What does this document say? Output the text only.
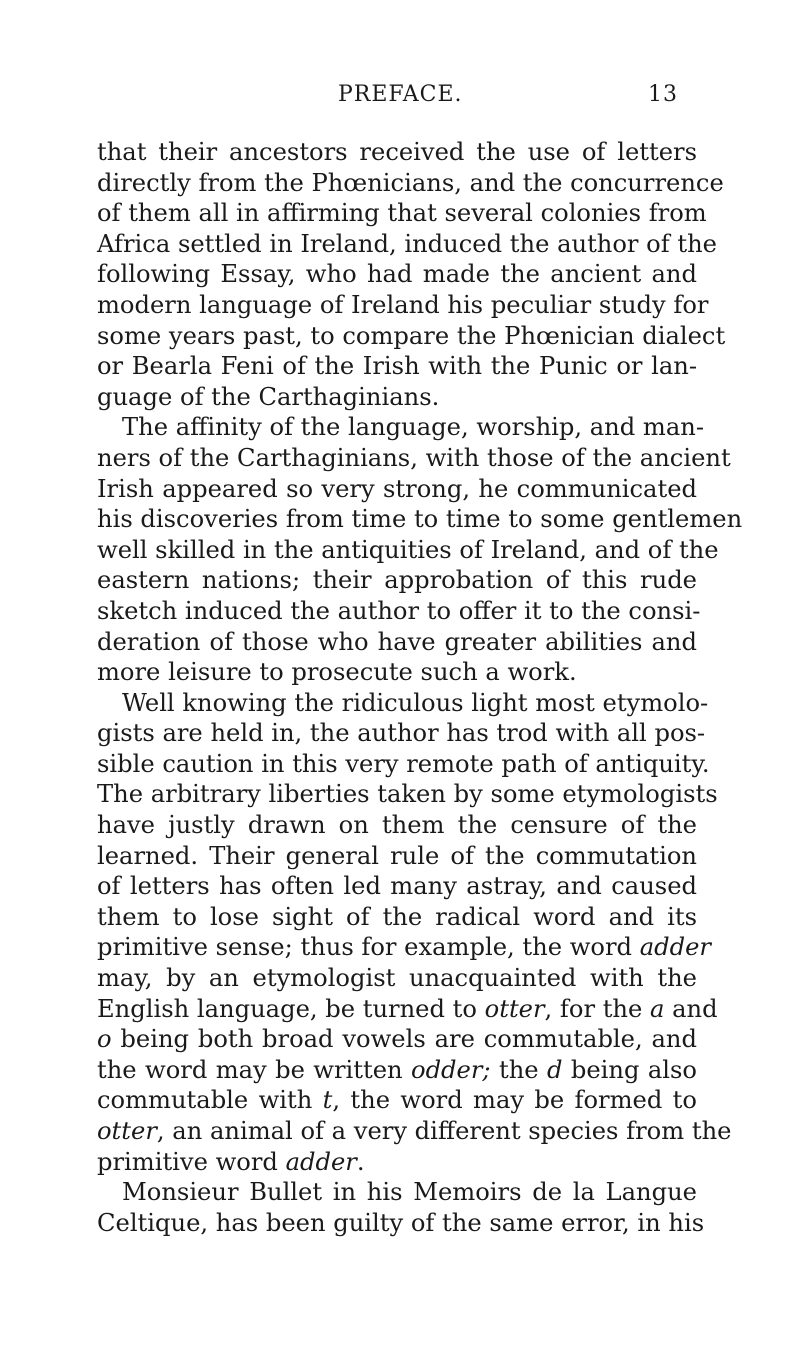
PREFACE.	13
that their ancestors received the use of letters
directly from the Phœnicians, and the concurrence
of them all in affirming that several colonies from
Africa settled in Ireland, induced the author of the
following Essay, who had made the ancient and
modern language of Ireland his peculiar study for
some years past, to compare the Phœnician dialect
or Bearla Feni of the Irish with the Punic or lan-
guage of the Carthaginians.
The affinity of the language, worship, and man-
ners of the Carthaginians, with those of the ancient
Irish appeared so very strong, he communicated
his discoveries from time to time to some gentlemen
well skilled in the antiquities of Ireland, and of the
eastern nations; their approbation of this rude
sketch induced the author to offer it to the consi-
deration of those who have greater abilities and
more leisure to prosecute such a work.
Well knowing the ridiculous light most etymolo-
gists are held in, the author has trod with all pos-
sible caution in this very remote path of antiquity.
The arbitrary liberties taken by some etymologists
have justly drawn on them the censure of the
learned. Their general rule of the commutation
of letters has often led many astray, and caused
them to lose sight of the radical word and its
primitive sense; thus for example, the word adder
may, by an etymologist unacquainted with the
English language, be turned to otter, for the a and
o being both broad vowels are commutable, and
the word may be written odder; the d being also
commutable with t, the word may be formed to
otter, an animal of a very different species from the
primitive word adder.
Monsieur Bullet in his Memoirs de la Langue
Celtique, has been guilty of the same error, in his
